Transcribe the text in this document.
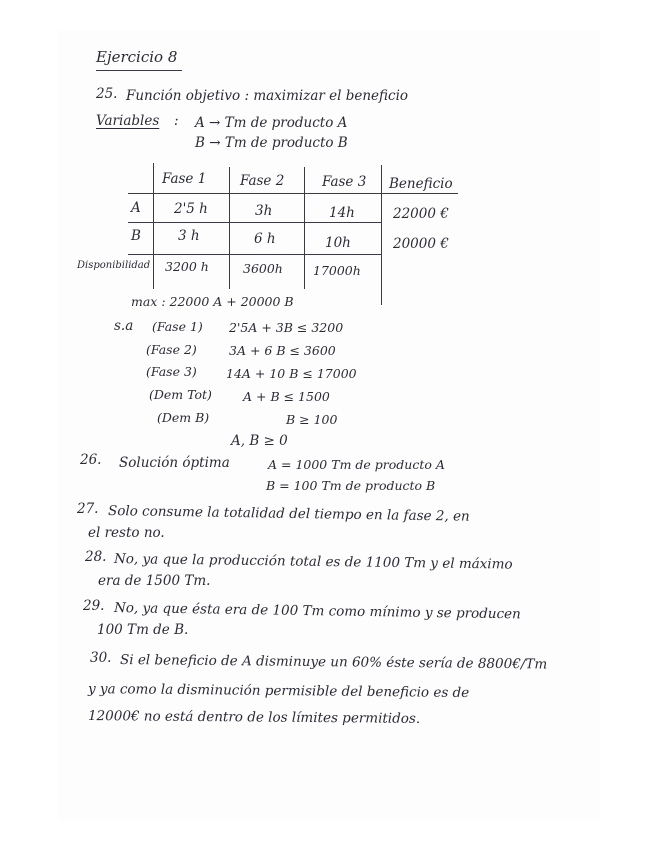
Ejercicio 8
25. Función objetivo : maximizar el beneficio
Variables : A → Tm de producto A
B → Tm de producto B
Fase 1 Fase 2	Fase 3 Beneficio
A 2'5 h	3h	14h	22000 €
B	3 h	6 h	10h	20000 €
Disponibilidad 3200 h	3600h 17000h
max : 22000 A + 20000 B
s.a (Fase 1) 2'5A + 3B ≤ 3200
(Fase 2)	3A + 6 B ≤ 3600
(Fase 3) 14A + 10 B ≤ 17000
(Dem Tot) A + B ≤ 1500
(Dem B)	B ≥ 100
A, B ≥ 0
26. Solución óptima	A = 1000 Tm de producto A
B = 100 Tm de producto B
27. Solo consume la totalidad del tiempo en la fase 2, en
el resto no.
28. No, ya que la producción total es de 1100 Tm y el máximo
era de 1500 Tm.
29. No, ya que ésta era de 100 Tm como mínimo y se producen
100 Tm de B.
30. Si el beneficio de A disminuye un 60% éste sería de 8800€/Tm
y ya como la disminución permisible del beneficio es de
12000€ no está dentro de los límites permitidos.
